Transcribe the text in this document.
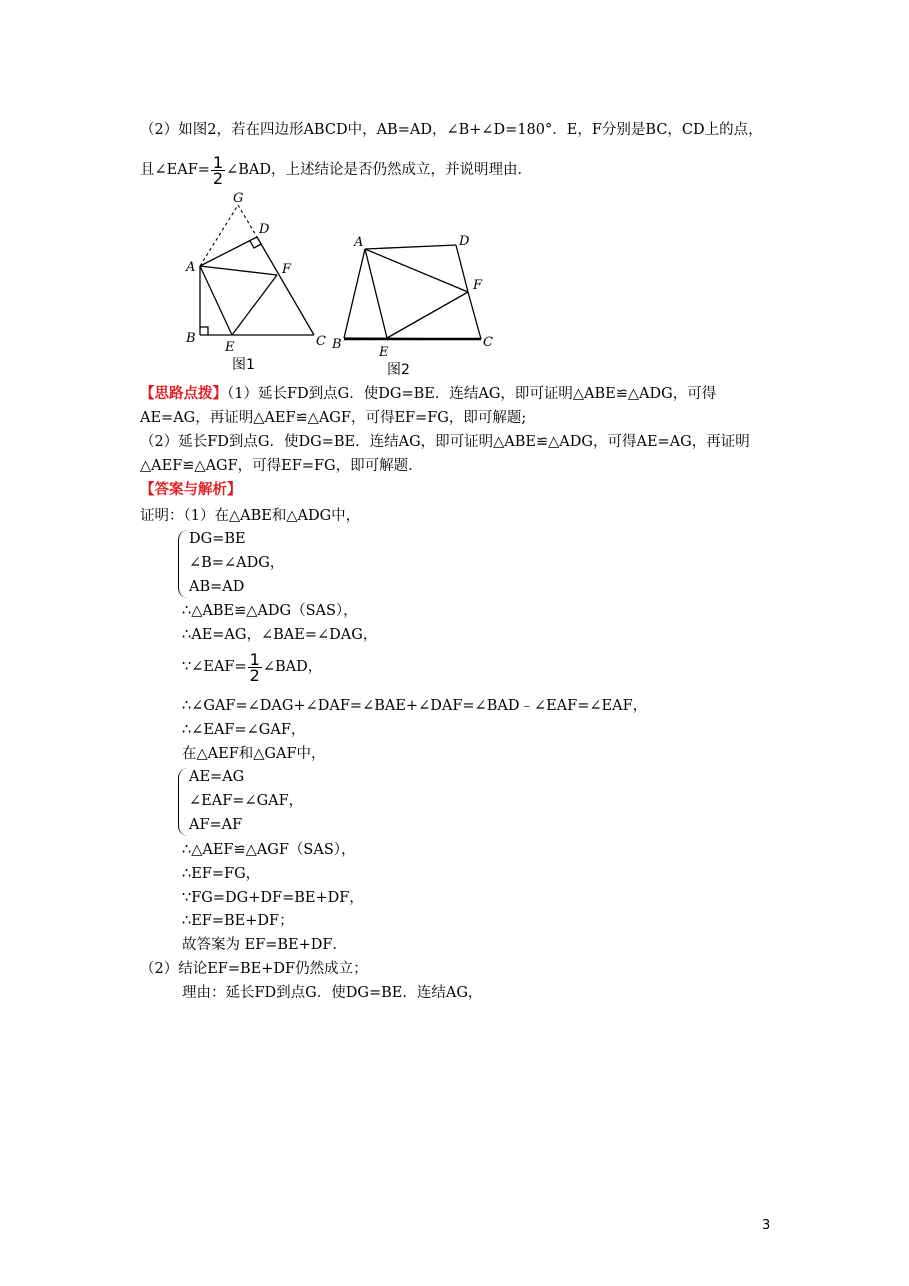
（2）如图2，若在四边形ABCD中，AB=AD，∠B+∠D=180°．E，F分别是BC，CD上的点，
且∠EAF= $\frac{1}{2}$ ∠BAD，上述结论是否仍然成立，并说明理由．
G
D
A	F
B
E	C
图1
A	D
F
B
E
C
图2
【思路点拨】（1）延长FD到点G．使DG=BE．连结AG，即可证明△ABE≌△ADG，可得
AE=AG，再证明△AEF≌△AGF，可得EF=FG，即可解题;
（2）延长FD到点G．使DG=BE．连结AG，即可证明△ABE≌△ADG，可得AE=AG，再证明
△AEF≌△AGF，可得EF=FG，即可解题．
【答案与解析】
证明：（1）在△ABE和△ADG中，
DG=BE
∠B=∠ADG，
AB=AD
∴△ABE≌△ADG（SAS），
∴AE=AG，∠BAE=∠DAG，
∵∠EAF= $\frac{1}{2}$ ∠BAD，
∴∠GAF=∠DAG+∠DAF=∠BAE+∠DAF=∠BAD﹣∠EAF=∠EAF，
∴∠EAF=∠GAF，
在△AEF和△GAF中，
AE=AG
∠EAF=∠GAF，
AF=AF
∴△AEF≌△AGF（SAS），
∴EF=FG，
∵FG=DG+DF=BE+DF，
∴EF=BE+DF；
故答案为 EF=BE+DF．
（2）结论EF=BE+DF仍然成立；
理由：延长FD到点G．使DG=BE．连结AG，
3
